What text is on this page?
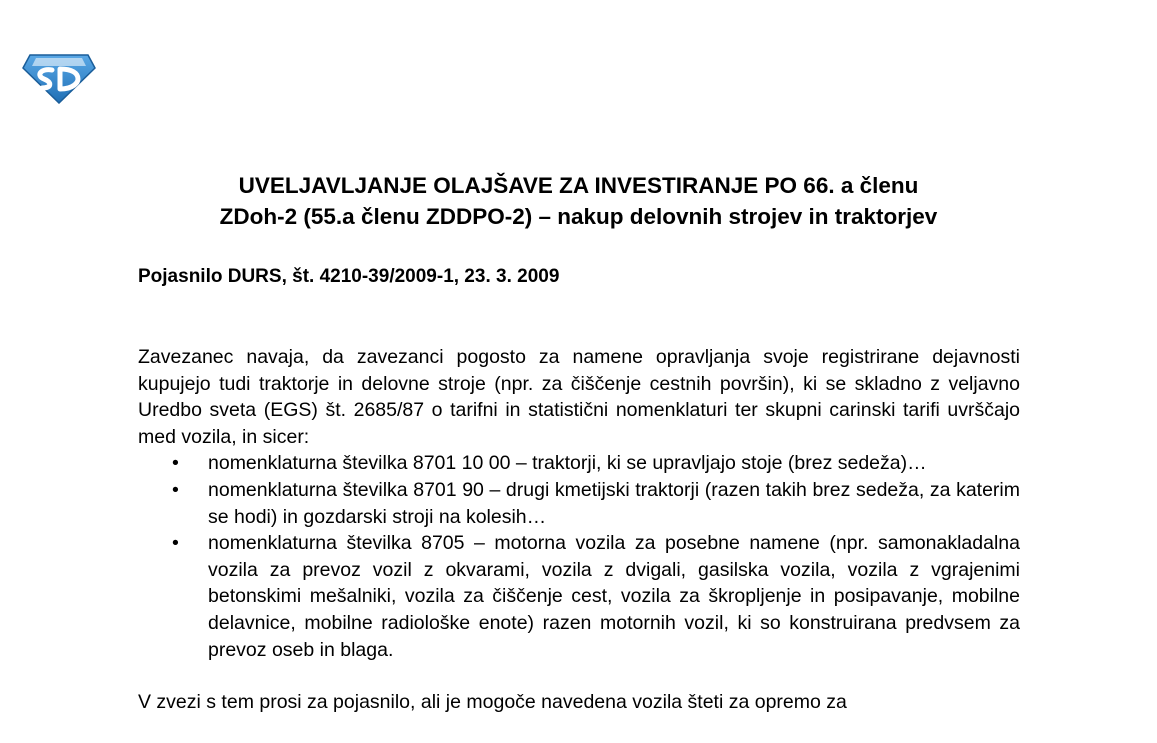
UVELJAVLJANJE OLAJŠAVE ZA INVESTIRANJE PO 66. a členu
ZDoh-2 (55.a členu ZDDPO-2) – nakup delovnih strojev in traktorjev

Pojasnilo DURS, št. 4210-39/2009-1, 23. 3. 2009

Zavezanec navaja, da zavezanci pogosto za namene opravljanja svoje registrirane dejavnosti kupujejo tudi traktorje in delovne stroje (npr. za čiščenje cestnih površin), ki se skladno z veljavno Uredbo sveta (EGS) št. 2685/87 o tarifni in statistični nomenklaturi ter skupni carinski tarifi uvrščajo med vozila, in sicer:

• nomenklaturna številka 8701 10 00 – traktorji, ki se upravljajo stoje (brez sedeža)…
• nomenklaturna številka 8701 90 – drugi kmetijski traktorji (razen takih brez sedeža, za katerim se hodi) in gozdarski stroji na kolesih…
• nomenklaturna številka 8705 – motorna vozila za posebne namene (npr. samonakladalna vozila za prevoz vozil z okvarami, vozila z dvigali, gasilska vozila, vozila z vgrajenimi betonskimi mešalniki, vozila za čiščenje cest, vozila za škropljenje in posipavanje, mobilne delavnice, mobilne radiološke enote) razen motornih vozil, ki so konstruirana predvsem za prevoz oseb in blaga.

V zvezi s tem prosi za pojasnilo, ali je mogoče navedena vozila šteti za opremo za
